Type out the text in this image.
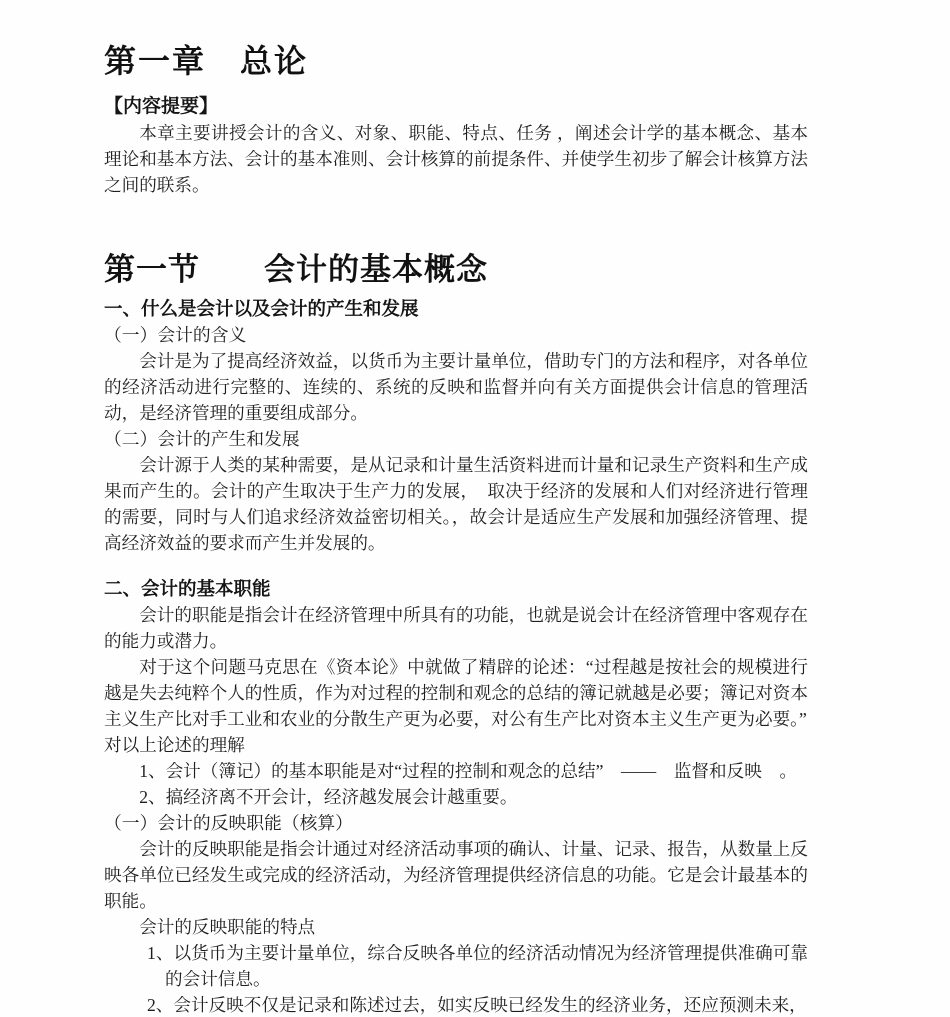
第一章　总论
【内容提要】
本章主要讲授会计的含义、对象、职能、特点、任务 ，阐述会计学的基本概念、基本理论和基本方法、会计的基本准则、会计核算的前提条件、并使学生初步了解会计核算方法之间的联系。
第一节　　会计的基本概念
一、什么是会计以及会计的产生和发展
（一）会计的含义
会计是为了提高经济效益，以货币为主要计量单位，借助专门的方法和程序，对各单位的经济活动进行完整的、连续的、系统的反映和监督并向有关方面提供会计信息的管理活动，是经济管理的重要组成部分。
（二）会计的产生和发展
会计源于人类的某种需要，是从记录和计量生活资料进而计量和记录生产资料和生产成果而产生的。会计的产生取决于生产力的发展，　取决于经济的发展和人们对经济进行管理的需要，同时与人们追求经济效益密切相关。，故会计是适应生产发展和加强经济管理、提高经济效益的要求而产生并发展的。
二、会计的基本职能
会计的职能是指会计在经济管理中所具有的功能，也就是说会计在经济管理中客观存在的能力或潜力。
对于这个问题马克思在《资本论》中就做了精辟的论述：“过程越是按社会的规模进行越是失去纯粹个人的性质，作为对过程的控制和观念的总结的簿记就越是必要；簿记对资本主义生产比对手工业和农业的分散生产更为必要，对公有生产比对资本主义生产更为必要。”
对以上论述的理解
1、会计（簿记）的基本职能是对“过程的控制和观念的总结”　——　监督和反映　。
2、搞经济离不开会计，经济越发展会计越重要。
（一）会计的反映职能（核算）
会计的反映职能是指会计通过对经济活动事项的确认、计量、记录、报告，从数量上反映各单位已经发生或完成的经济活动，为经济管理提供经济信息的功能。它是会计最基本的职能。
会计的反映职能的特点
1、以货币为主要计量单位，综合反映各单位的经济活动情况为经济管理提供准确可靠的会计信息。
2、会计反映不仅是记录和陈述过去，如实反映已经发生的经济业务，还应预测未来，
